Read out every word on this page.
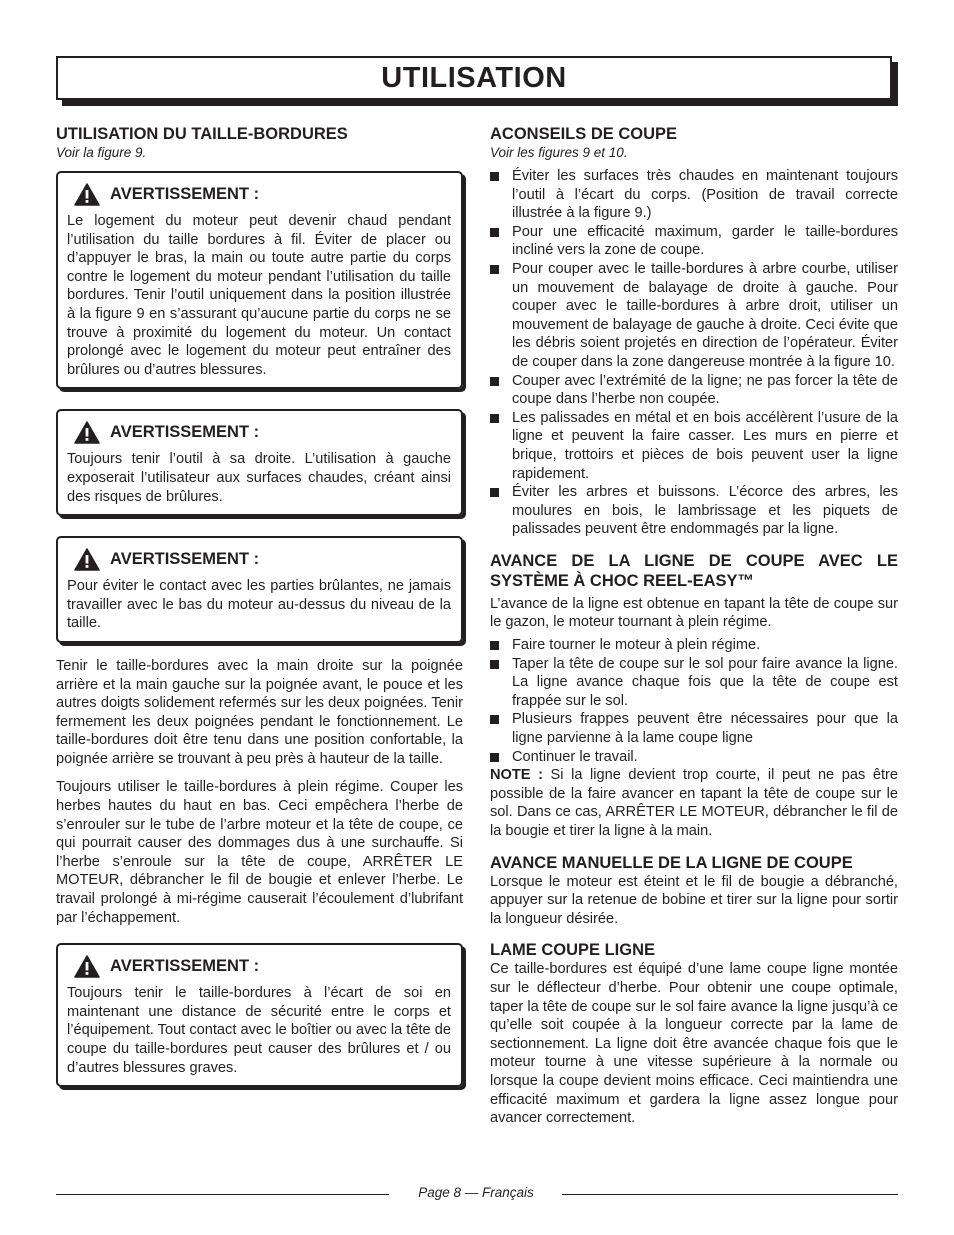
UTILISATION
UTILISATION DU TAILLE-BORDURES
Voir la figure 9.
AVERTISSEMENT :

Le logement du moteur peut devenir chaud pendant l’utilisation du taille bordures à fil. Éviter de placer ou d’appuyer le bras, la main ou toute autre partie du corps contre le logement du moteur pendant l’utilisation du taille bordures. Tenir l’outil uniquement dans la position illustrée à la figure 9 en s’assurant qu’aucune partie du corps ne se trouve à proximité du logement du moteur. Un contact prolongé avec le logement du moteur peut entraîner des brûlures ou d’autres blessures.

AVERTISSEMENT :

Toujours tenir l’outil à sa droite. L’utilisation à gauche exposerait l’utilisateur aux surfaces chaudes, créant ainsi des risques de brûlures.

AVERTISSEMENT :

Pour éviter le contact avec les parties brûlantes, ne jamais travailler avec le bas du moteur au-dessus du niveau de la taille.

Tenir le taille-bordures avec la main droite sur la poignée arrière et la main gauche sur la poignée avant, le pouce et les autres doigts solidement refermés sur les deux poignées. Tenir fermement les deux poignées pendant le fonctionnement. Le taille-bordures doit être tenu dans une position confortable, la poignée arrière se trouvant à peu près à hauteur de la taille.

Toujours utiliser le taille-bordures à plein régime. Couper les herbes hautes du haut en bas. Ceci empêchera l’herbe de s’enrouler sur le tube de l’arbre moteur et la tête de coupe, ce qui pourrait causer des dommages dus à une surchauffe. Si l’herbe s’enroule sur la tête de coupe, ARRÊTER LE MOTEUR, débrancher le fil de bougie et enlever l’herbe. Le travail prolongé à mi-régime causerait l’écoulement d’lubrifant par l’échappement.

AVERTISSEMENT :

Toujours tenir le taille-bordures à l’écart de soi en maintenant une distance de sécurité entre le corps et l’équipement. Tout contact avec le boîtier ou avec la tête de coupe du taille-bordures peut causer des brûlures et / ou d’autres blessures graves.

ACONSEILS DE COUPE
Voir les figures 9 et 10.
Éviter les surfaces très chaudes en maintenant toujours l’outil à l’écart du corps. (Position de travail correcte illustrée à la figure 9.)
Pour une efficacité maximum, garder le taille-bordures incliné vers la zone de coupe.
Pour couper avec le taille-bordures à arbre courbe, utiliser un mouvement de balayage de droite à gauche. Pour couper avec le taille-bordures à arbre droit, utiliser un mouvement de balayage de gauche à droite. Ceci évite que les débris soient projetés en direction de l’opérateur. Éviter de couper dans la zone dangereuse montrée à la figure 10.
Couper avec l’extrémité de la ligne; ne pas forcer la tête de coupe dans l’herbe non coupée.
Les palissades en métal et en bois accélèrent l’usure de la ligne et peuvent la faire casser. Les murs en pierre et brique, trottoirs et pièces de bois peuvent user la ligne rapidement.
Éviter les arbres et buissons. L’écorce des arbres, les moulures en bois, le lambrissage et les piquets de palissades peuvent être endommagés par la ligne.
AVANCE DE LA LIGNE DE COUPE AVEC LE SYSTÈME À CHOC REEL-EASY™

L’avance de la ligne est obtenue en tapant la tête de coupe sur le gazon, le moteur tournant à plein régime.

Faire tourner le moteur à plein régime.
Taper la tête de coupe sur le sol pour faire avance la ligne. La ligne avance chaque fois que la tête de coupe est frappée sur le sol.
Plusieurs frappes peuvent être nécessaires pour que la ligne parvienne à la lame coupe ligne
Continuer le travail.

NOTE : Si la ligne devient trop courte, il peut ne pas être possible de la faire avancer en tapant la tête de coupe sur le sol. Dans ce cas, ARRÊTER LE MOTEUR, débrancher le fil de la bougie et tirer la ligne à la main.

AVANCE MANUELLE DE LA LIGNE DE COUPE

Lorsque le moteur est éteint et le fil de bougie a débranché, appuyer sur la retenue de bobine et tirer sur la ligne pour sortir la longueur désirée.

LAME COUPE LIGNE

Ce taille-bordures est équipé d’une lame coupe ligne montée sur le déflecteur d’herbe. Pour obtenir une coupe optimale, taper la tête de coupe sur le sol faire avance la ligne jusqu’à ce qu’elle soit coupée à la longueur correcte par la lame de sectionnement. La ligne doit être avancée chaque fois que le moteur tourne à une vitesse supérieure à la normale ou lorsque la coupe devient moins efficace. Ceci maintiendra une efficacité maximum et gardera la ligne assez longue pour avancer correctement.

Page 8 — Français
